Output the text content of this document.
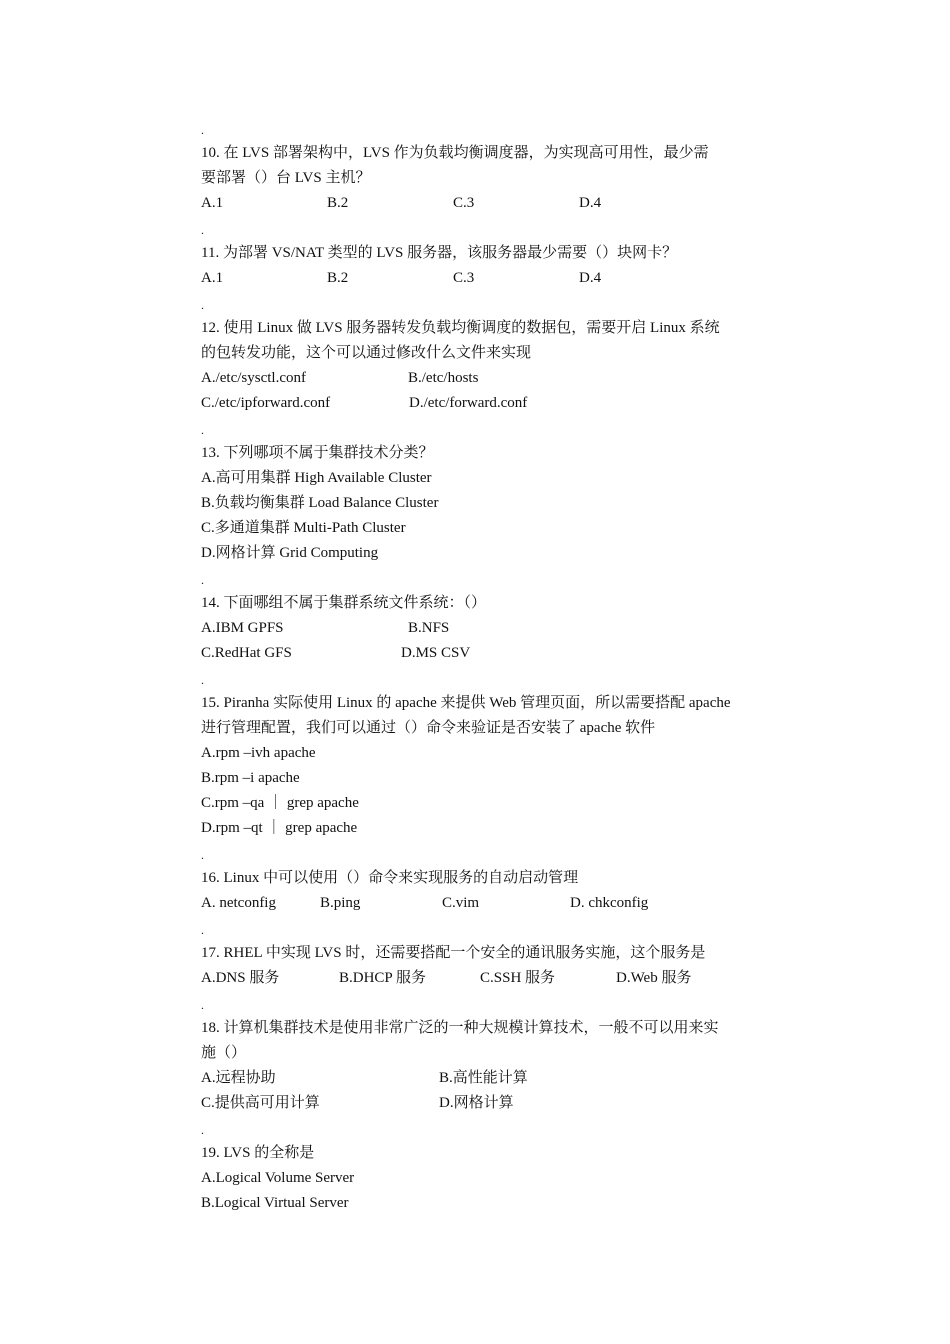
.
10. 在 LVS 部署架构中，LVS 作为负载均衡调度器，为实现高可用性，最少需
要部署（）台 LVS 主机？
A.1	B.2	C.3	D.4
.
11. 为部署 VS/NAT 类型的 LVS 服务器，该服务器最少需要（）块网卡？
A.1	B.2	C.3	D.4
.
12. 使用 Linux 做 LVS 服务器转发负载均衡调度的数据包，需要开启 Linux 系统
的包转发功能，这个可以通过修改什么文件来实现
A./etc/sysctl.conf	B./etc/hosts
C./etc/ipforward.conf	D./etc/forward.conf
.
13. 下列哪项不属于集群技术分类？
A.高可用集群 High Available Cluster
B.负载均衡集群 Load Balance Cluster
C.多通道集群 Multi-Path Cluster
D.网格计算 Grid Computing
.
14. 下面哪组不属于集群系统文件系统：（）
A.IBM GPFS	B.NFS
C.RedHat GFS	D.MS CSV
.
15. Piranha 实际使用 Linux 的 apache 来提供 Web 管理页面，所以需要搭配 apache
进行管理配置，我们可以通过（）命令来验证是否安装了 apache 软件
A.rpm –ivh apache
B.rpm –i apache
C.rpm –qa ｜ grep apache
D.rpm –qt ｜ grep apache
.
16. Linux 中可以使用（）命令来实现服务的自动启动管理
A. netconfig	B.ping	C.vim	D. chkconfig
.
17. RHEL 中实现 LVS 时，还需要搭配一个安全的通讯服务实施，这个服务是
A.DNS 服务	B.DHCP 服务	C.SSH 服务	D.Web 服务
.
18. 计算机集群技术是使用非常广泛的一种大规模计算技术，一般不可以用来实
施（）
A.远程协助	B.高性能计算
C.提供高可用计算	D.网格计算
.
19. LVS 的全称是
A.Logical Volume Server
B.Logical Virtual Server
